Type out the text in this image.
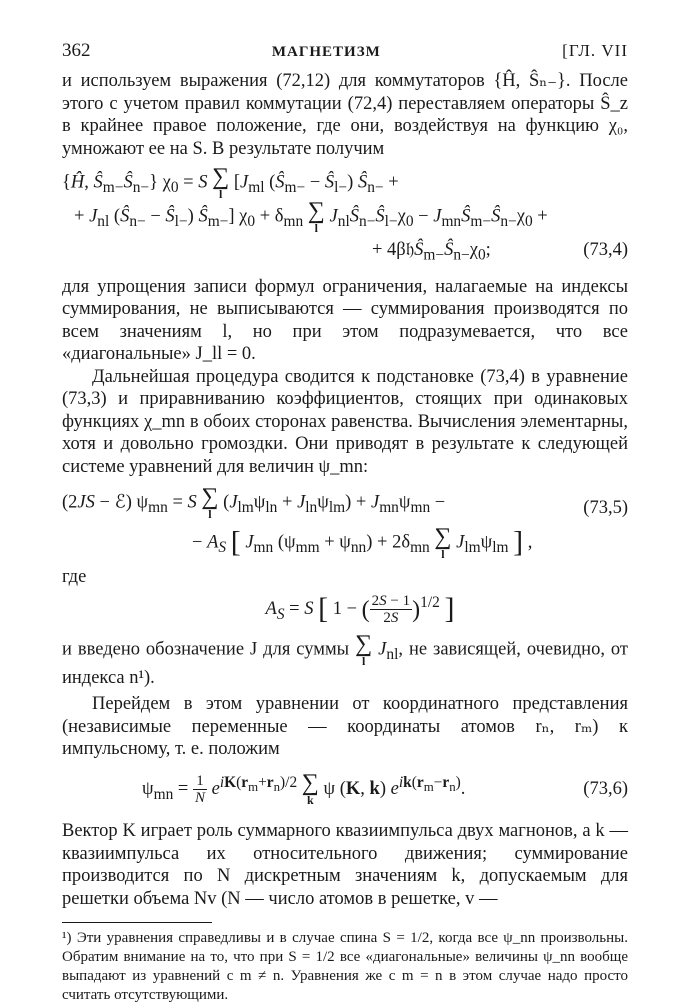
362	МАГНЕТИЗМ	[ГЛ. VII

и используем выражения (72,12) для коммутаторов {Ĥ, Ŝₙ₋}. После этого с учетом правил коммутации (72,4) переставляем операторы Ŝ_z в крайнее правое положение, где они, воздействуя на функцию χ₀, умножают ее на S. В результате получим

{Ĥ, $Ŝ_{m-}Ŝ_{n-}$} $\chi_0 = S$ ∑
l
[$J_{ml}$ ($Ŝ_{m-}$ − $Ŝ_{l-}$) $Ŝ_{n-}$ +
+ $J_{nl}$ ($Ŝ_{n-}$ − $Ŝ_{l-}$) $Ŝ_{m-}$] $\chi_0 + \delta_{mn}$ ∑
l
$J_{nl}Ŝ_{n-}Ŝ_{l-}\chi_0$ − $J_{mn}Ŝ_{m-}Ŝ_{n-}\chi_0$ +
+ $4\beta 𝔥Ŝ_{m-}Ŝ_{n-}\chi_0$;	(73,4)

для упрощения записи формул ограничения, налагаемые на индексы суммирования, не выписываются — суммирования производятся по всем значениям l, но при этом подразумевается, что все «диагональные» J_ll = 0.

Дальнейшая процедура сводится к подстановке (73,4) в уравнение (73,3) и приравниванию коэффициентов, стоящих при одинаковых функциях χ_mn в обоих сторонах равенства. Вычисления элементарны, хотя и довольно громоздки. Они приводят в результате к следующей системе уравнений для величин ψ_mn:

(2JS − ℰ) $\psi_{mn} = S$ ∑
l
$(J_{lm}\psi_{ln} + J_{ln}\psi_{lm}) + J_{mn}\psi_{mn}$ −
− $A_S$ [ $J_{mn}$ $(\psi_{mm} + \psi_{nn}) + 2\delta_{mn}$ ∑
l
$J_{lm}\psi_{lm}$ ] ,
(73,5)

где

$A_S = S$ [ 1 − ( $\frac{2S - 1}{2S} )^{1/2}$ ]

и введено обозначение J для суммы ∑
l
$J_{nl}$, не зависящей, очевидно, от индекса n¹).

Перейдем в этом уравнении от координатного представления (независимые переменные — координаты атомов rₙ, rₘ) к импульсному, т. е. положим

$\psi_{mn} = \frac{1}{N} e^{iK(r_m+r_n)/2}$ ∑
k
ψ (K, k) $e^{ik(r_m-r_n)}$.	(73,6)

Вектор K играет роль суммарного квазиимпульса двух магнонов, а k — квазиимпульса их относительного движения; суммирование производится по N дискретным значениям k, допускаемым для решетки объема Nv (N — число атомов в решетке, v —

¹) Эти уравнения справедливы и в случае спина S = 1/2, когда все ψ_nn произвольны. Обратим внимание на то, что при S = 1/2 все «диагональные» величины ψ_nn вообще выпадают из уравнений с m ≠ n. Уравнения же с m = n в этом случае надо просто считать отсутствующими.
